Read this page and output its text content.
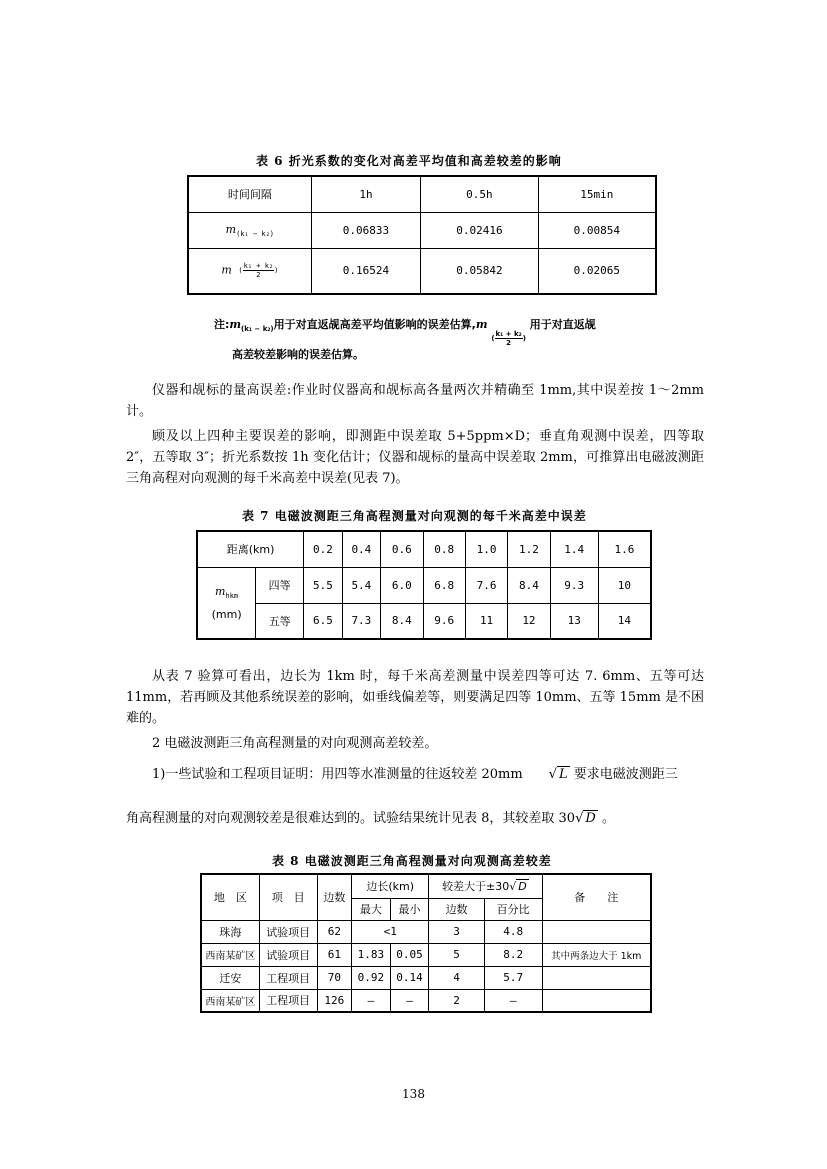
表 6 折光系数的变化对高差平均值和高差较差的影响
时间间隔	1h	0.5h	15min
$m_{(k_1 - k_2)}$	0.06833	0.02416	0.00854
m ( $\frac{\text{k₁ + k₂}}{2}$ )	0.16524	0.05842	0.02065
注$:m_{(k_1 - k_2)}$用于对直返觇高差平均值影响的误差估算,m ( $\frac{\text{k₁ + k₂}}{2}$ ) 用于对直返觇
高差较差影响的误差估算。
仪器和觇标的量高误差:作业时仪器高和觇标高各量两次并精确至 1mm,其中误差按 1～2mm 计。
顾及以上四种主要误差的影响，即测距中误差取 5+5ppm×D；垂直角观测中误差，四等取 2″，五等取 3″；折光系数按 1h 变化估计；仪器和觇标的量高中误差取 2mm，可推算出电磁波测距三角高程对向观测的每千米高差中误差(见表 7)。
表 7 电磁波测距三角高程测量对向观测的每千米高差中误差
距离(km)		0.2	0.4	0.6	0.8	1.0	1.2	1.4	1.6

$m_{hkm}$
(mm)	四等	5.5	5.4	6.0	6.8	7.6	8.4	9.3	10
	五等	6.5	7.3	8.4	9.6	11	12	13	14
从表 7 验算可看出，边长为 1km 时，每千米高差测量中误差四等可达 7. 6mm、五等可达 11mm，若再顾及其他系统误差的影响，如垂线偏差等，则要满足四等 10mm、五等 15mm 是不困难的。
2 电磁波测距三角高程测量的对向观测高差较差。
1)一些试验和工程项目证明：用四等水准测量的往返较差 20mm √ L 要求电磁波测距三
角高程测量的对向观测较差是很难达到的。试验结果统计见表 8，其较差取 30√ D 。
表 8 电磁波测距三角高程测量对向观测高差较差
地　区	项　目	边数	边长(km)		较差大于±30√ D		备　　注
			最大	最小	边数	百分比	
珠海	试验项目	62	<1		3	4.8	
西南某矿区	试验项目	61	1.83	0.05	5	8.2	其中两条边大于 1km
迁安	工程项目	70	0.92	0.14	4	5.7	
西南某矿区	工程项目	126	—	—	2	—	
138
